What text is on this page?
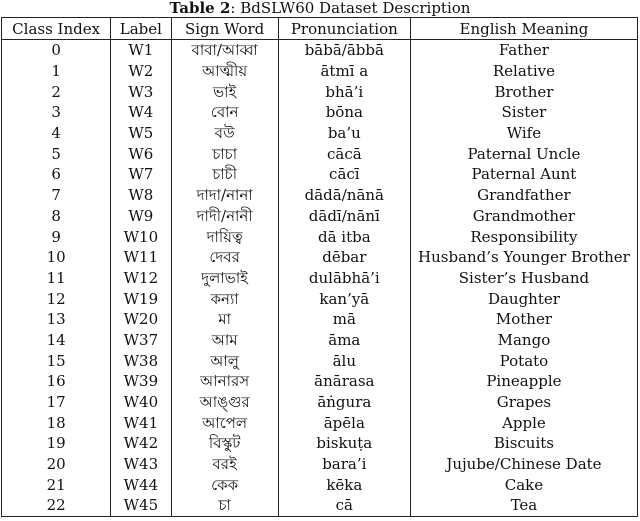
Table 2: BdSLW60 Dataset Description
Class Index	Label	Sign Word	Pronunciation	English Meaning
0	W1	বাবা/আব্বা	bābā/ābbā	Father
1	W2	আত্মীয়	ātmī a	Relative
2	W3	ভাই	bhā’i	Brother
3	W4	বোন	bōna	Sister
4	W5	বউ	ba’u	Wife
5	W6	চাচা	cācā	Paternal Uncle
6	W7	চাচী	cācī	Paternal Aunt
7	W8	দাদা/নানা	dādā/nānā	Grandfather
8	W9	দাদী/নানী	dādī/nānī	Grandmother
9	W10	দায়িত্ব	dā itba	Responsibility
10	W11	দেবর	dēbar	Husband’s Younger Brother
11	W12	দুলাভাই	dulābhā’i	Sister’s Husband
12	W19	কন্যা	kan’yā	Daughter
13	W20	মা	mā	Mother
14	W37	আম	āma	Mango
15	W38	আলু	ālu	Potato
16	W39	আনারস	ānārasa	Pineapple
17	W40	আঙ্গুর	āṅgura	Grapes
18	W41	আপেল	āpēla	Apple
19	W42	বিস্কুট	biskuṭa	Biscuits
20	W43	বরই	bara’i	Jujube/Chinese Date
21	W44	কেক	kēka	Cake
22	W45	চা	cā	Tea
